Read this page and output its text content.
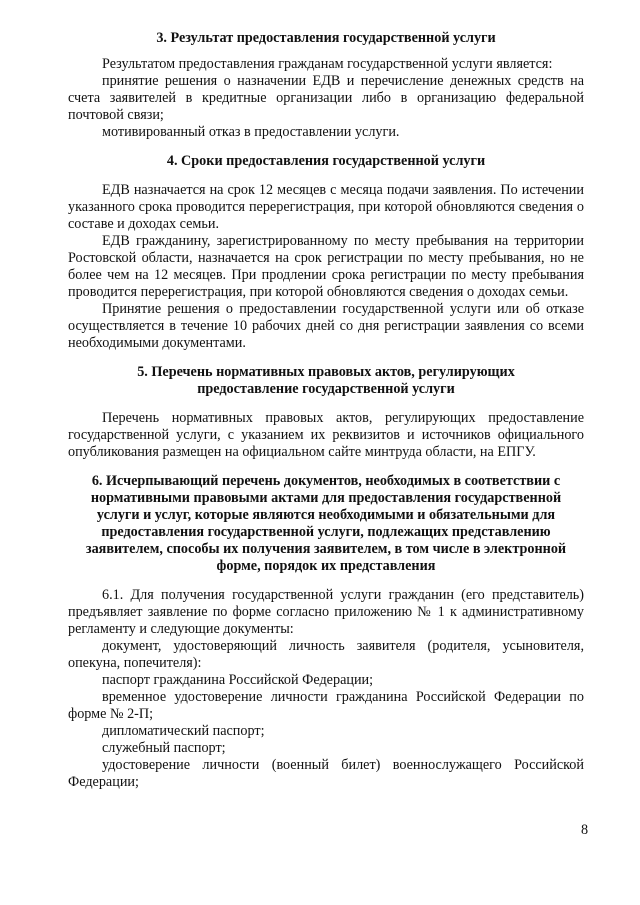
3. Результат предоставления государственной услуги

Результатом предоставления гражданам государственной услуги является:

принятие решения о назначении ЕДВ и перечисление денежных средств на счета заявителей в кредитные организации либо в организацию федеральной почтовой связи;

мотивированный отказ в предоставлении услуги.

4. Сроки предоставления государственной услуги

ЕДВ назначается на срок 12 месяцев с месяца подачи заявления. По истечении указанного срока проводится перерегистрация, при которой обновляются сведения о составе и доходах семьи.

ЕДВ гражданину, зарегистрированному по месту пребывания на территории Ростовской области, назначается на срок регистрации по месту пребывания, но не более чем на 12 месяцев. При продлении срока регистрации по месту пребывания проводится перерегистрация, при которой обновляются сведения о доходах семьи.

Принятие решения о предоставлении государственной услуги или об отказе осуществляется в течение 10 рабочих дней со дня регистрации заявления со всеми необходимыми документами.

5. Перечень нормативных правовых актов, регулирующих

предоставление государственной услуги

Перечень нормативных правовых актов, регулирующих предоставление государственной услуги, с указанием их реквизитов и источников официального опубликования размещен на официальном сайте минтруда области, на ЕПГУ.

6. Исчерпывающий перечень документов, необходимых в соответствии с

нормативными правовыми актами для предоставления государственной

услуги и услуг, которые являются необходимыми и обязательными для

предоставления государственной услуги, подлежащих представлению

заявителем, способы их получения заявителем, в том числе в электронной

форме, порядок их представления

6.1. Для получения государственной услуги гражданин (его представитель) предъявляет заявление по форме согласно приложению № 1 к административному регламенту и следующие документы:

документ, удостоверяющий личность заявителя (родителя, усыновителя, опекуна, попечителя):

паспорт гражданина Российской Федерации;

временное удостоверение личности гражданина Российской Федерации по форме № 2-П;

дипломатический паспорт;

служебный паспорт;

удостоверение личности (военный билет) военнослужащего Российской Федерации;

8
